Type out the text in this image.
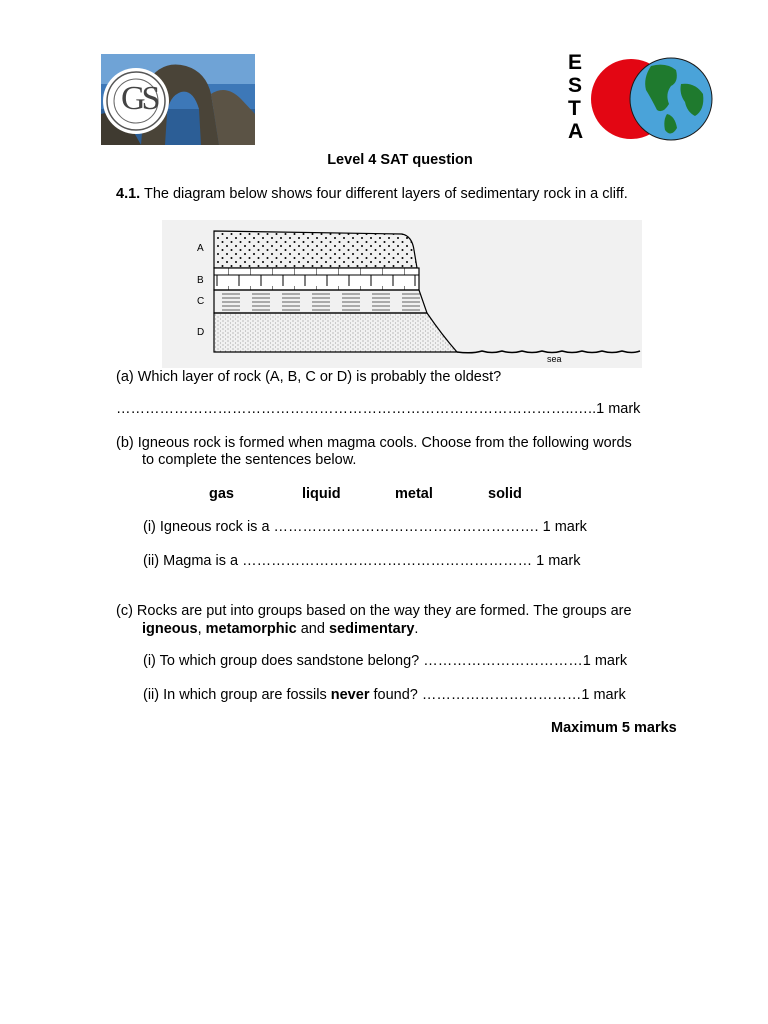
GS
E
S
T
A
Level 4 SAT question
4.1. The diagram below shows four different layers of sedimentary rock in a cliff.
A
B
C
D
sea
(a) Which layer of rock (A, B, C or D) is probably the oldest?
…………………………………………………………………………………..…..1 mark
(b) Igneous rock is formed when magma cools. Choose from the following words
to complete the sentences below.
gas	liquid	metal	solid
(i) Igneous rock is a ………………………………………………. 1 mark
(ii) Magma is a …………………………………………………… 1 mark
(c) Rocks are put into groups based on the way they are formed. The groups are
igneous, metamorphic and sedimentary.
(i) To which group does sandstone belong? ……………………………1 mark
(ii) In which group are fossils never found? ……………………………1 mark
Maximum 5 marks
